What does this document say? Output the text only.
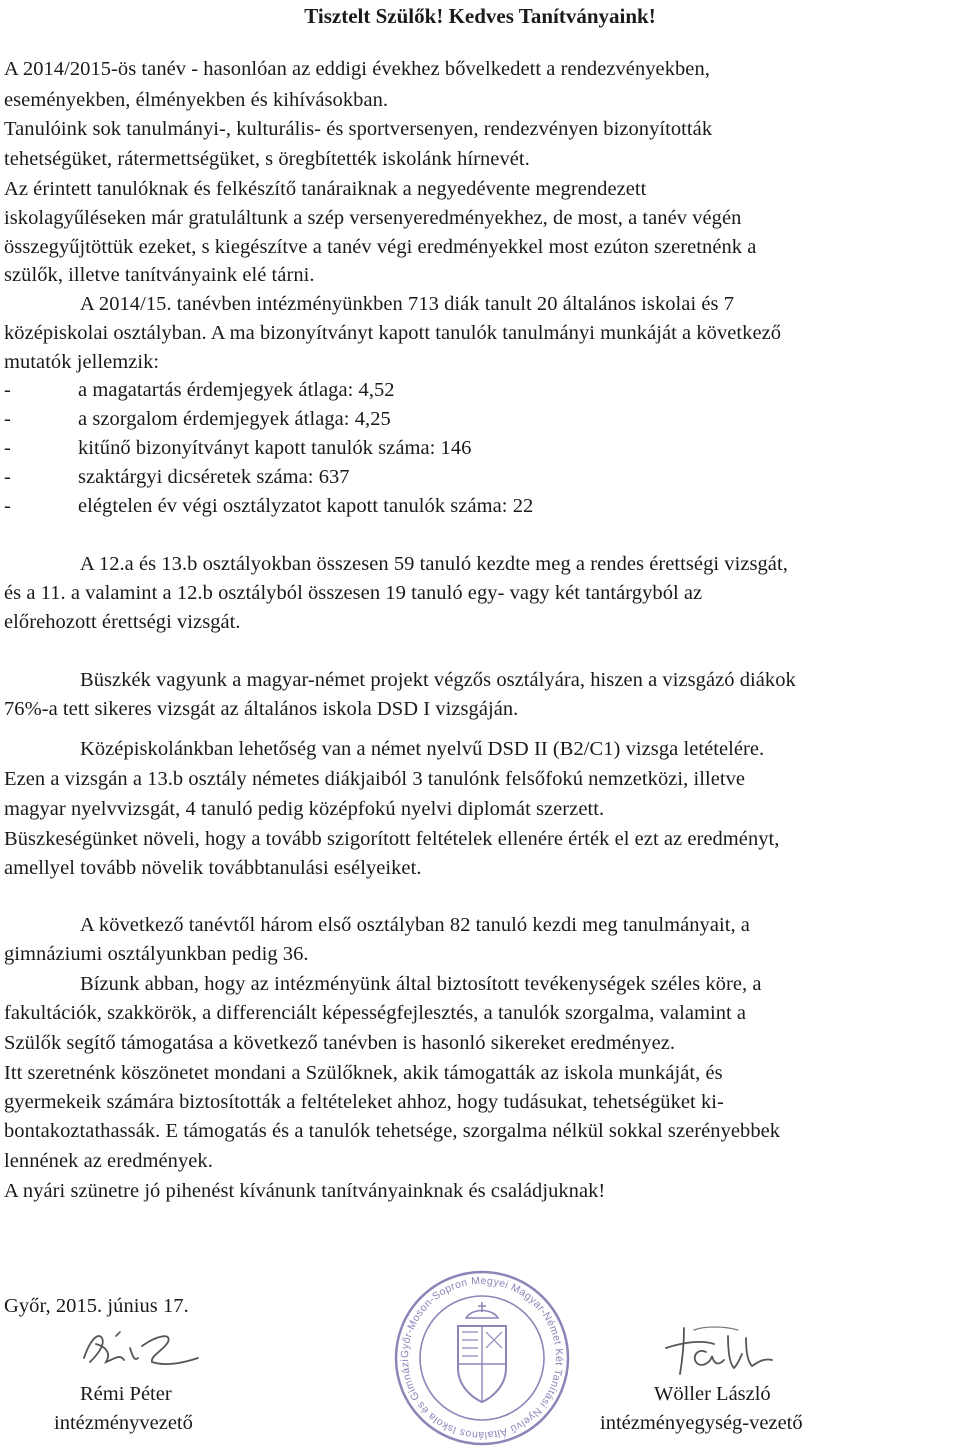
Tisztelt Szülők! Kedves Tanítványaink!
A 2014/2015-ös tanév - hasonlóan az eddigi évekhez bővelkedett a rendezvényekben,
eseményekben, élményekben és kihívásokban.
Tanulóink sok tanulmányi-, kulturális- és sportversenyen, rendezvényen bizonyították
tehetségüket, rátermettségüket, s öregbítették iskolánk hírnevét.
Az érintett tanulóknak és felkészítő tanáraiknak a negyedévente megrendezett
iskolagyűléseken már gratuláltunk a szép versenyeredményekhez, de most, a tanév végén
összegyűjtöttük ezeket, s kiegészítve a tanév végi eredményekkel most ezúton szeretnénk a
szülők, illetve tanítványaink elé tárni.
A 2014/15. tanévben intézményünkben 713 diák tanult 20 általános iskolai és 7
középiskolai osztályban. A ma bizonyítványt kapott tanulók tanulmányi munkáját a következő
mutatók jellemzik:
-	a magatartás érdemjegyek átlaga: 4,52
-	a szorgalom érdemjegyek átlaga: 4,25
-	kitűnő bizonyítványt kapott tanulók száma: 146
-	szaktárgyi dicséretek száma: 637
-	elégtelen év végi osztályzatot kapott tanulók száma: 22
A 12.a és 13.b osztályokban összesen 59 tanuló kezdte meg a rendes érettségi vizsgát,
és a 11. a valamint a 12.b osztályból összesen 19 tanuló egy- vagy két tantárgyból az
előrehozott érettségi vizsgát.
Büszkék vagyunk a magyar-német projekt végzős osztályára, hiszen a vizsgázó diákok
76%-a tett sikeres vizsgát az általános iskola DSD I vizsgáján.
Középiskolánkban lehetőség van a német nyelvű DSD II (B2/C1) vizsga letételére.
Ezen a vizsgán a 13.b osztály németes diákjaiból 3 tanulónk felsőfokú nemzetközi, illetve
magyar nyelvvizsgát, 4 tanuló pedig középfokú nyelvi diplomát szerzett.
Büszkeségünket növeli, hogy a tovább szigorított feltételek ellenére érték el ezt az eredményt,
amellyel tovább növelik továbbtanulási esélyeiket.
A következő tanévtől három első osztályban 82 tanuló kezdi meg tanulmányait, a
gimnáziumi osztályunkban pedig 36.
Bízunk abban, hogy az intézményünk által biztosított tevékenységek széles köre, a
fakultációk, szakkörök, a differenciált képességfejlesztés, a tanulók szorgalma, valamint a
Szülők segítő támogatása a következő tanévben is hasonló sikereket eredményez.
Itt szeretnénk köszönetet mondani a Szülőknek, akik támogatták az iskola munkáját, és
gyermekeik számára biztosították a feltételeket ahhoz, hogy tudásukat, tehetségüket ki-
bontakoztathassák. E támogatás és a tanulók tehetsége, szorgalma nélkül sokkal szerényebbek
lennének az eredmények.
A nyári szünetre jó pihenést kívánunk tanítványainknak és családjuknak!
Győr, 2015. június 17.
Győr-Moson-Sopron Megyei Magyar-Német Két Tanítási Nyelvű Általános Iskola és Gimnázium 9024 Győr
Rémi Péter
intézményvezető
Wöller László
intézményegység-vezető
